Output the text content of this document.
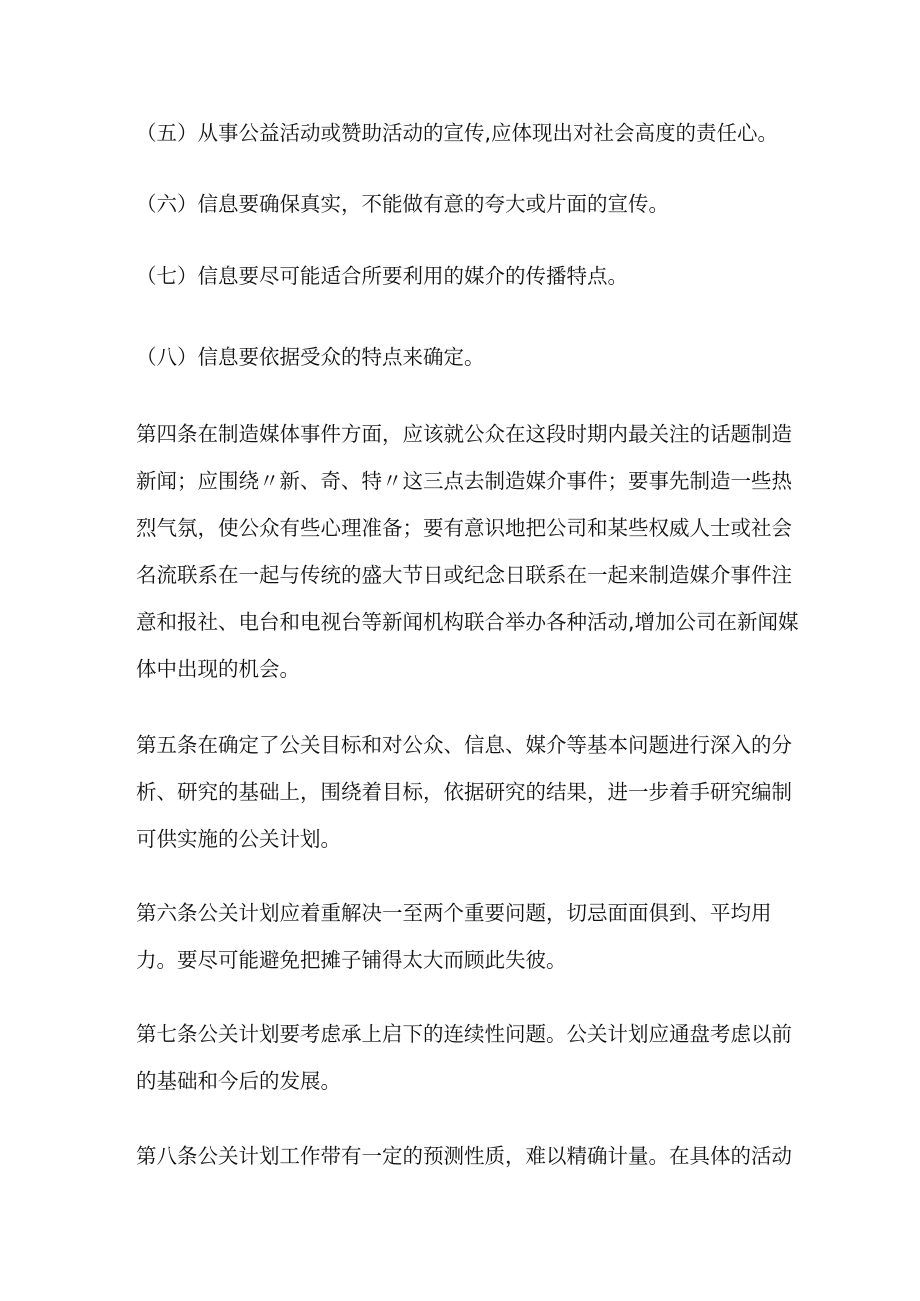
（五）从事公益活动或赞助活动的宣传,应体现出对社会高度的责任心。

（六）信息要确保真实，不能做有意的夸大或片面的宣传。

（七）信息要尽可能适合所要利用的媒介的传播特点。

（八）信息要依据受众的特点来确定。

第四条在制造媒体事件方面，应该就公众在这段时期内最关注的话题制造新闻；应围绕〃新、奇、特〃这三点去制造媒介事件；要事先制造一些热烈气氛，使公众有些心理准备；要有意识地把公司和某些权威人士或社会名流联系在一起与传统的盛大节日或纪念日联系在一起来制造媒介事件注意和报社、电台和电视台等新闻机构联合举办各种活动,增加公司在新闻媒体中出现的机会。

第五条在确定了公关目标和对公众、信息、媒介等基本问题进行深入的分析、研究的基础上，围绕着目标，依据研究的结果，进一步着手研究编制可供实施的公关计划。

第六条公关计划应着重解决一至两个重要问题，切忌面面俱到、平均用力。要尽可能避免把摊子铺得太大而顾此失彼。

第七条公关计划要考虑承上启下的连续性问题。公关计划应通盘考虑以前的基础和今后的发展。

第八条公关计划工作带有一定的预测性质，难以精确计量。在具体的活动
